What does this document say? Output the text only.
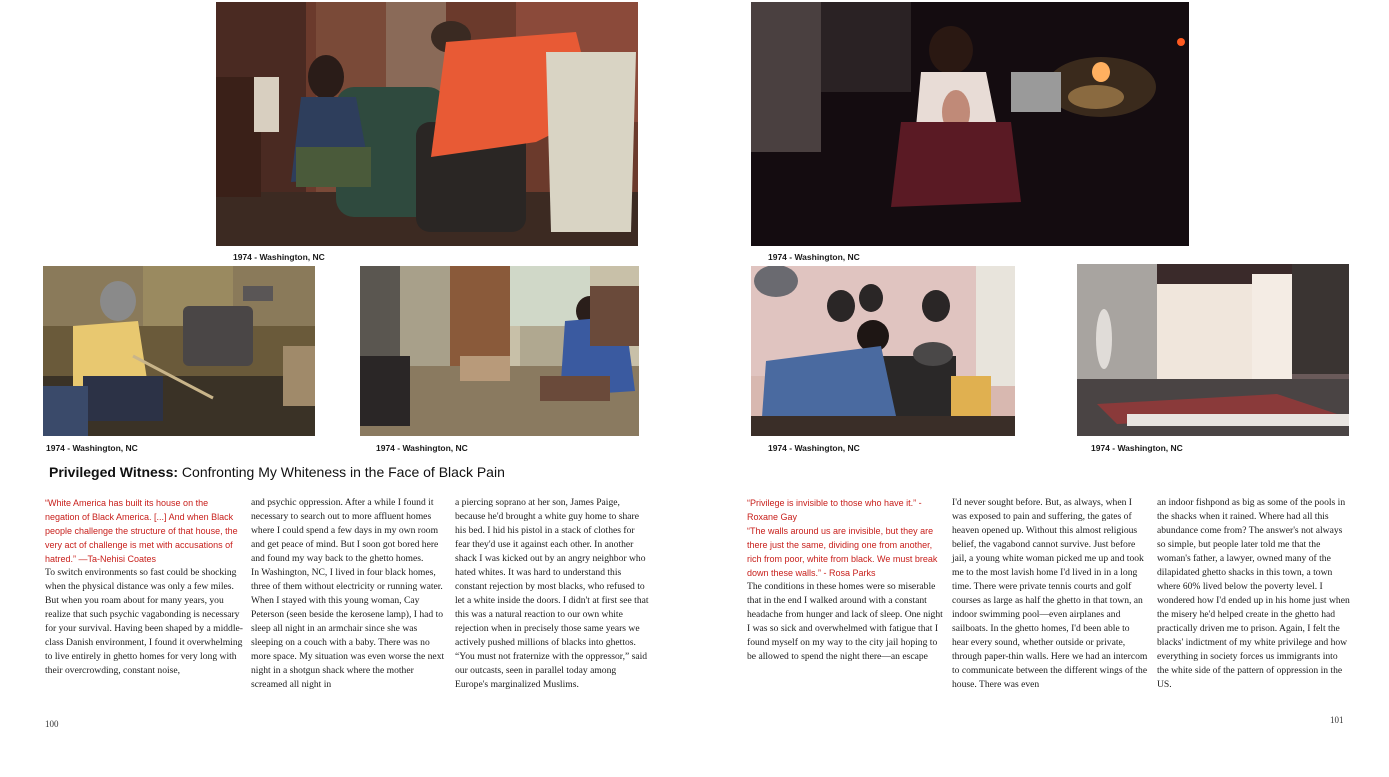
1974 - Washington, NC	1974 - Washington, NC
1974 - Washington, NC	1974 - Washington, NC	1974 - Washington, NC	1974 - Washington, NC
Privileged Witness: Confronting My Whiteness in the Face of Black Pain

“White America has built its house on the negation of Black America. [...] And when Black people challenge the structure of that house, the very act of challenge is met with accusations of hatred.” —Ta-Nehisi Coates

To switch environments so fast could be shocking when the physical distance was only a few miles. But when you roam about for many years, you realize that such psychic vagabonding is necessary for your survival. Having been shaped by a middle-class Danish environment, I found it overwhelming to live entirely in ghetto homes for very long with their overcrowding, constant noise,

and psychic oppression. After a while I found it necessary to search out to more affluent homes where I could spend a few days in my own room and get peace of mind. But I soon got bored here and found my way back to the ghetto homes.

In Washington, NC, I lived in four black homes, three of them without electricity or running water. When I stayed with this young woman, Cay Peterson (seen beside the kerosene lamp), I had to sleep all night in an armchair since she was sleeping on a couch with a baby. There was no more space. My situation was even worse the next night in a shotgun shack where the mother screamed all night in

a piercing soprano at her son, James Paige, because he'd brought a white guy home to share his bed. I hid his pistol in a stack of clothes for fear they'd use it against each other. In another shack I was kicked out by an angry neighbor who hated whites. It was hard to understand this constant rejection by most blacks, who refused to let a white inside the doors. I didn't at first see that this was a natural reaction to our own white rejection when in precisely those same years we actively pushed millions of blacks into ghettos. “You must not fraternize with the oppressor,” said our outcasts, seen in parallel today among Europe's marginalized Muslims.

100

“Privilege is invisible to those who have it.” - Roxane Gay

“The walls around us are invisible, but they are there just the same, dividing one from another, rich from poor, white from black. We must break down these walls.” - Rosa Parks

The conditions in these homes were so miserable that in the end I walked around with a constant headache from hunger and lack of sleep. One night I was so sick and overwhelmed with fatigue that I found myself on my way to the city jail hoping to be allowed to spend the night there—an escape

I'd never sought before. But, as always, when I was exposed to pain and suffering, the gates of heaven opened up. Without this almost religious belief, the vagabond cannot survive. Just before jail, a young white woman picked me up and took me to the most lavish home I'd lived in in a long time. There were private tennis courts and golf courses as large as half the ghetto in that town, an indoor swimming pool—even airplanes and sailboats. In the ghetto homes, I'd been able to hear every sound, whether outside or private, through paper-thin walls. Here we had an intercom to communicate between the different wings of the house. There was even

an indoor fishpond as big as some of the pools in the shacks when it rained. Where had all this abundance come from? The answer's not always so simple, but people later told me that the woman's father, a lawyer, owned many of the dilapidated ghetto shacks in this town, a town where 60% lived below the poverty level. I wondered how I'd ended up in his home just when the misery he'd helped create in the ghetto had practically driven me to prison. Again, I felt the blacks' indictment of my white privilege and how everything in society forces us immigrants into the white side of the pattern of oppression in the US.

101
